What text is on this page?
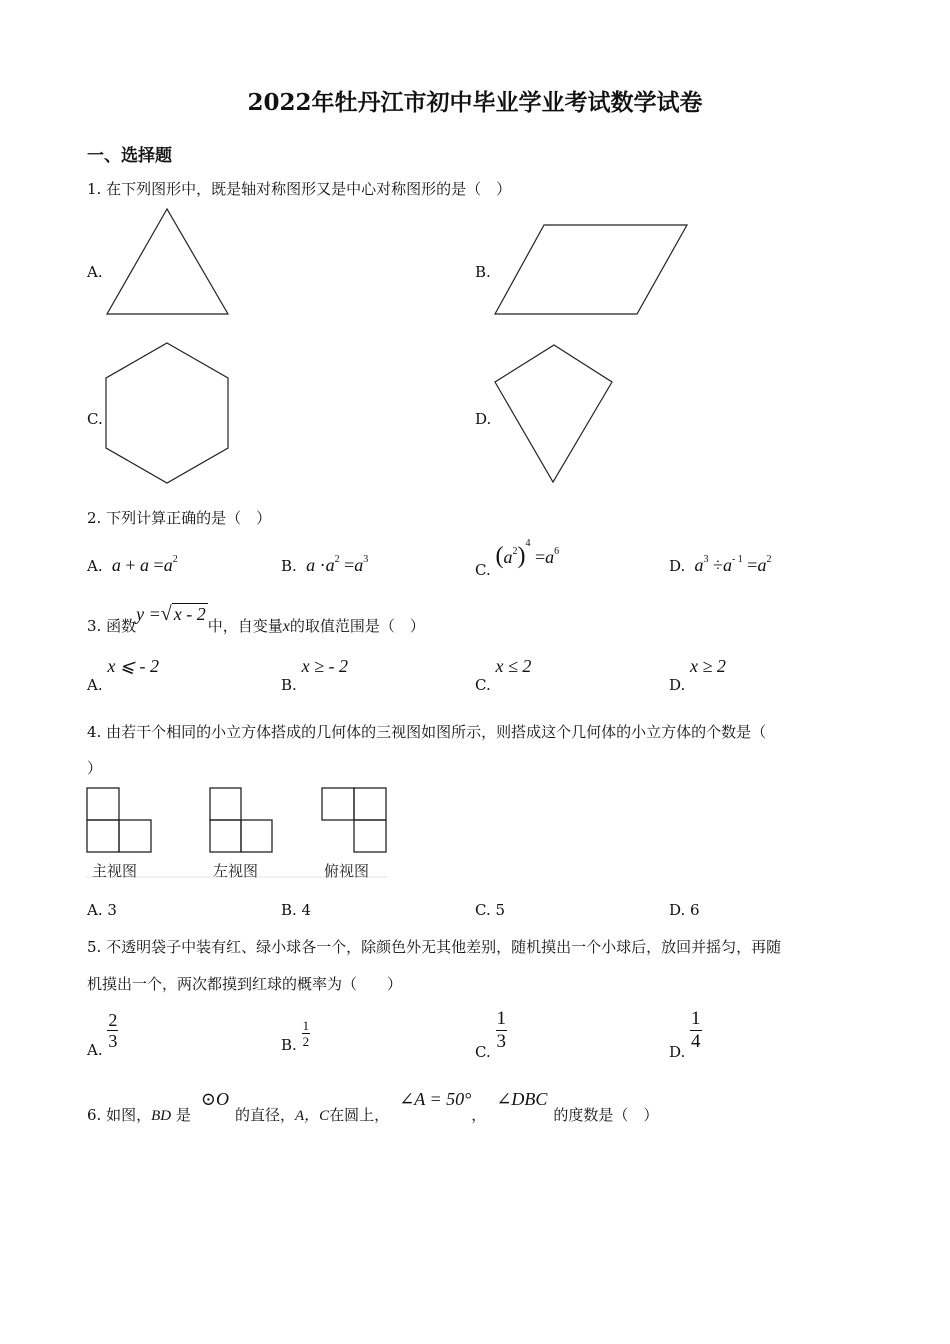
2022年牡丹江市初中毕业学业考试数学试卷
一、选择题
1. 在下列图形中，既是轴对称图形又是中心对称图形的是（　）
A.	B.
C.	D.
2. 下列计算正确的是（　）
A. $a + a =a^2$	B. $a \cdot a^2 =a^3$
C. $(a^2)^4 =a^6$
D. $a^3 \div a^{- 1} =a^2$
3. 函数y =√ x - 2中，自变量x的取值范围是（　）
A. x ⩽ - 2
B. x ≥ - 2
C. x ≤ 2
D. x ≥ 2
4. 由若干个相同的小立方体搭成的几何体的三视图如图所示，则搭成这个几何体的小立方体的个数是（
）
主视图	左视图	俯视图
A. 3	B. 4	C. 5	D. 6
5. 不透明袋子中装有红、绿小球各一个，除颜色外无其他差别，随机摸出一个小球后，放回并摇匀，再随
机摸出一个，两次都摸到红球的概率为（　　）
A. $\frac{2}{3}$	B. $\frac{1}{2}$
C. $\frac{1}{3}$	D. $\frac{1}{4}$
6. 如图，BD 是⊙O的直径，A，C在圆上，∠A = 50°，∠DBC的度数是（　）
